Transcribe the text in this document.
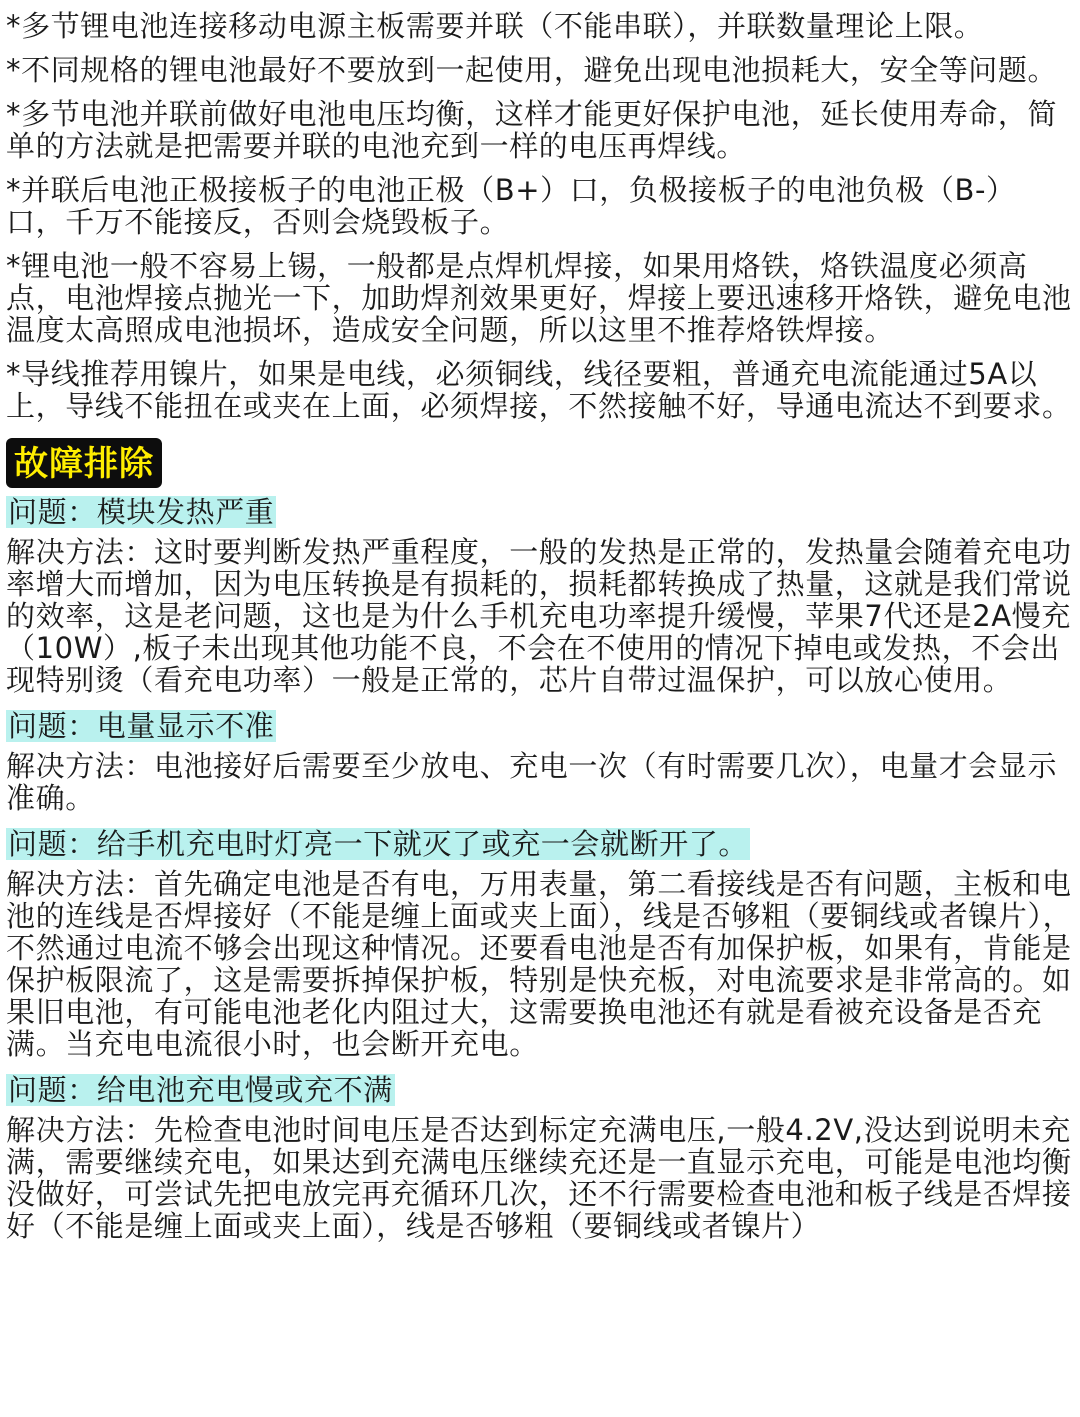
*多节锂电池连接移动电源主板需要并联（不能串联），并联数量理论上限。

*不同规格的锂电池最好不要放到一起使用，避免出现电池损耗大，安全等问题。

*多节电池并联前做好电池电压均衡，这样才能更好保护电池，延长使用寿命，简单的方法就是把需要并联的电池充到一样的电压再焊线。

*并联后电池正极接板子的电池正极（B+）口，负极接板子的电池负极（B-）口，千万不能接反，否则会烧毁板子。

*锂电池一般不容易上锡，一般都是点焊机焊接，如果用烙铁，烙铁温度必须高点，电池焊接点抛光一下，加助焊剂效果更好，焊接上要迅速移开烙铁，避免电池温度太高照成电池损坏，造成安全问题，所以这里不推荐烙铁焊接。

*导线推荐用镍片，如果是电线，必须铜线，线径要粗，普通充电流能通过5A以上，导线不能扭在或夹在上面，必须焊接，不然接触不好，导通电流达不到要求。

故障排除
问题：模块发热严重

解决方法：这时要判断发热严重程度，一般的发热是正常的，发热量会随着充电功率增大而增加，因为电压转换是有损耗的，损耗都转换成了热量，这就是我们常说的效率，这是老问题，这也是为什么手机充电功率提升缓慢，苹果7代还是2A慢充（10W）,板子未出现其他功能不良，不会在不使用的情况下掉电或发热，不会出现特别烫（看充电功率）一般是正常的，芯片自带过温保护，可以放心使用。

问题：电量显示不准

解决方法：电池接好后需要至少放电、充电一次（有时需要几次），电量才会显示准确。

问题：给手机充电时灯亮一下就灭了或充一会就断开了。

解决方法：首先确定电池是否有电，万用表量，第二看接线是否有问题，主板和电池的连线是否焊接好（不能是缠上面或夹上面），线是否够粗（要铜线或者镍片），不然通过电流不够会出现这种情况。还要看电池是否有加保护板，如果有，肯能是保护板限流了，这是需要拆掉保护板，特别是快充板，对电流要求是非常高的。如果旧电池，有可能电池老化内阻过大，这需要换电池还有就是看被充设备是否充满。当充电电流很小时，也会断开充电。

问题：给电池充电慢或充不满

解决方法：先检查电池时间电压是否达到标定充满电压,一般4.2V,没达到说明未充满，需要继续充电，如果达到充满电压继续充还是一直显示充电，可能是电池均衡没做好，可尝试先把电放完再充循环几次，还不行需要检查电池和板子线是否焊接好（不能是缠上面或夹上面），线是否够粗（要铜线或者镍片）
